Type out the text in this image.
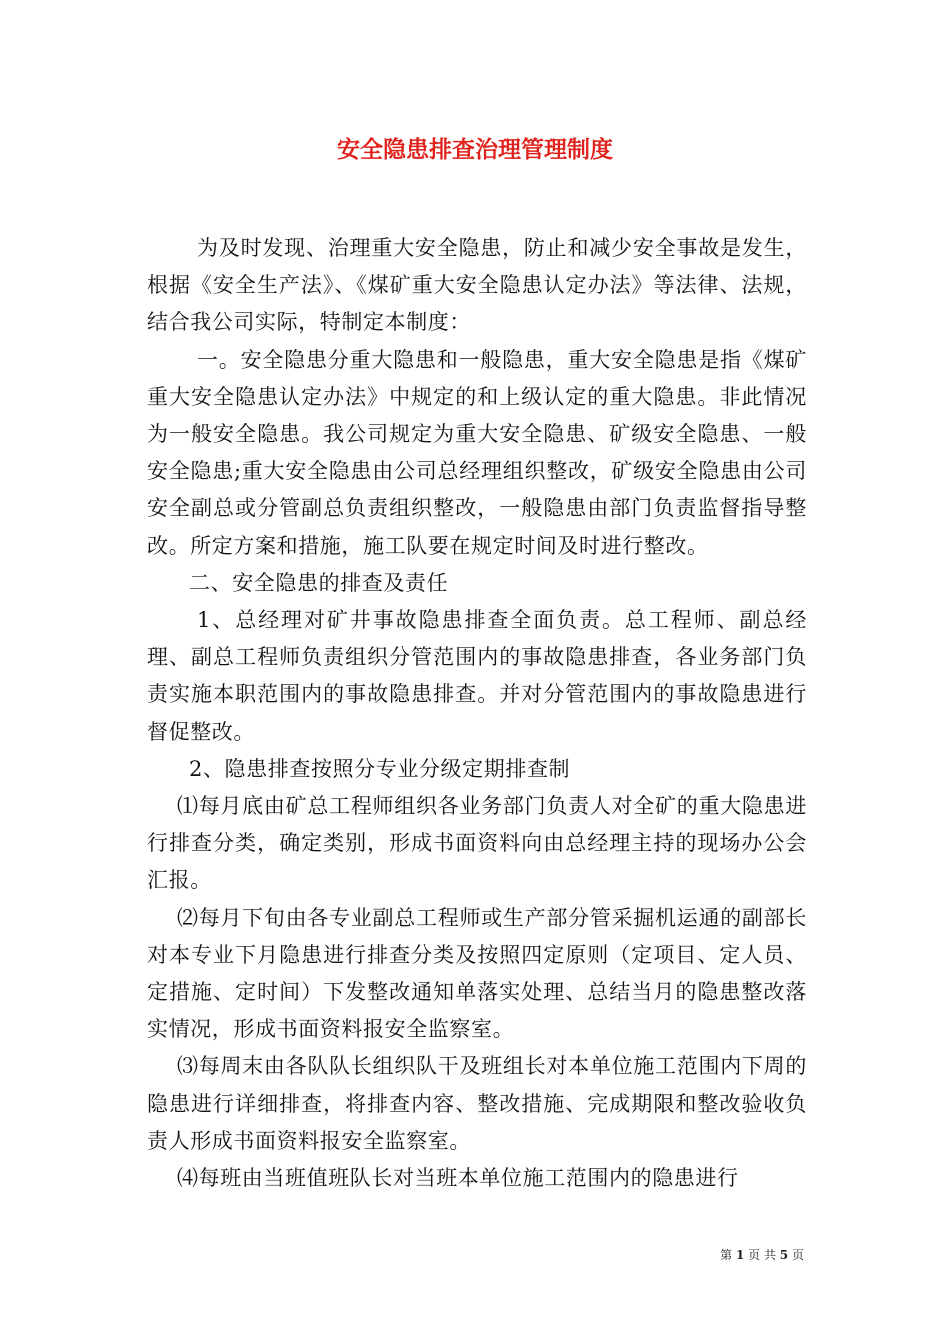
安全隐患排查治理管理制度

为及时发现、治理重大安全隐患，防止和减少安全事故是发生，根据《安全生产法》、《煤矿重大安全隐患认定办法》等法律、法规，结合我公司实际，特制定本制度：

一。安全隐患分重大隐患和一般隐患，重大安全隐患是指《煤矿重大安全隐患认定办法》中规定的和上级认定的重大隐患。非此情况为一般安全隐患。我公司规定为重大安全隐患、矿级安全隐患、一般安全隐患;重大安全隐患由公司总经理组织整改，矿级安全隐患由公司安全副总或分管副总负责组织整改，一般隐患由部门负责监督指导整改。所定方案和措施，施工队要在规定时间及时进行整改。

二、安全隐患的排查及责任

1、总经理对矿井事故隐患排查全面负责。总工程师、副总经理、副总工程师负责组织分管范围内的事故隐患排查，各业务部门负责实施本职范围内的事故隐患排查。并对分管范围内的事故隐患进行督促整改。

2、隐患排查按照分专业分级定期排查制

⑴每月底由矿总工程师组织各业务部门负责人对全矿的重大隐患进行排查分类，确定类别，形成书面资料向由总经理主持的现场办公会汇报。

⑵每月下旬由各专业副总工程师或生产部分管采掘机运通的副部长对本专业下月隐患进行排查分类及按照四定原则（定项目、定人员、定措施、定时间）下发整改通知单落实处理、总结当月的隐患整改落实情况，形成书面资料报安全监察室。

⑶每周末由各队队长组织队干及班组长对本单位施工范围内下周的隐患进行详细排查，将排查内容、整改措施、完成期限和整改验收负责人形成书面资料报安全监察室。

⑷每班由当班值班队长对当班本单位施工范围内的隐患进行

第 1 页 共 5 页
